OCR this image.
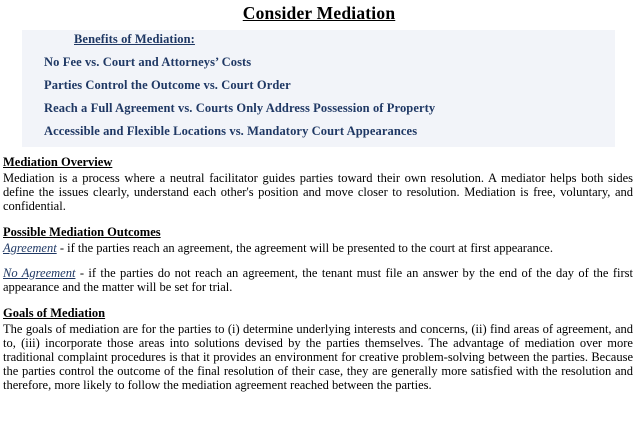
Consider Mediation
Benefits of Mediation:
No Fee vs. Court and Attorneys’ Costs
Parties Control the Outcome vs. Court Order
Reach a Full Agreement vs. Courts Only Address Possession of Property
Accessible and Flexible Locations vs. Mandatory Court Appearances
Mediation Overview

Mediation is a process where a neutral facilitator guides parties toward their own resolution. A mediator helps both sides define the issues clearly, understand each other's position and move closer to resolution. Mediation is free, voluntary, and confidential.

Possible Mediation Outcomes

Agreement - if the parties reach an agreement, the agreement will be presented to the court at first appearance.

No Agreement - if the parties do not reach an agreement, the tenant must file an answer by the end of the day of the first appearance and the matter will be set for trial.

Goals of Mediation

The goals of mediation are for the parties to (i) determine underlying interests and concerns, (ii) find areas of agreement, and to, (iii) incorporate those areas into solutions devised by the parties themselves. The advantage of mediation over more traditional complaint procedures is that it provides an environment for creative problem-solving between the parties. Because the parties control the outcome of the final resolution of their case, they are generally more satisfied with the resolution and therefore, more likely to follow the mediation agreement reached between the parties.
